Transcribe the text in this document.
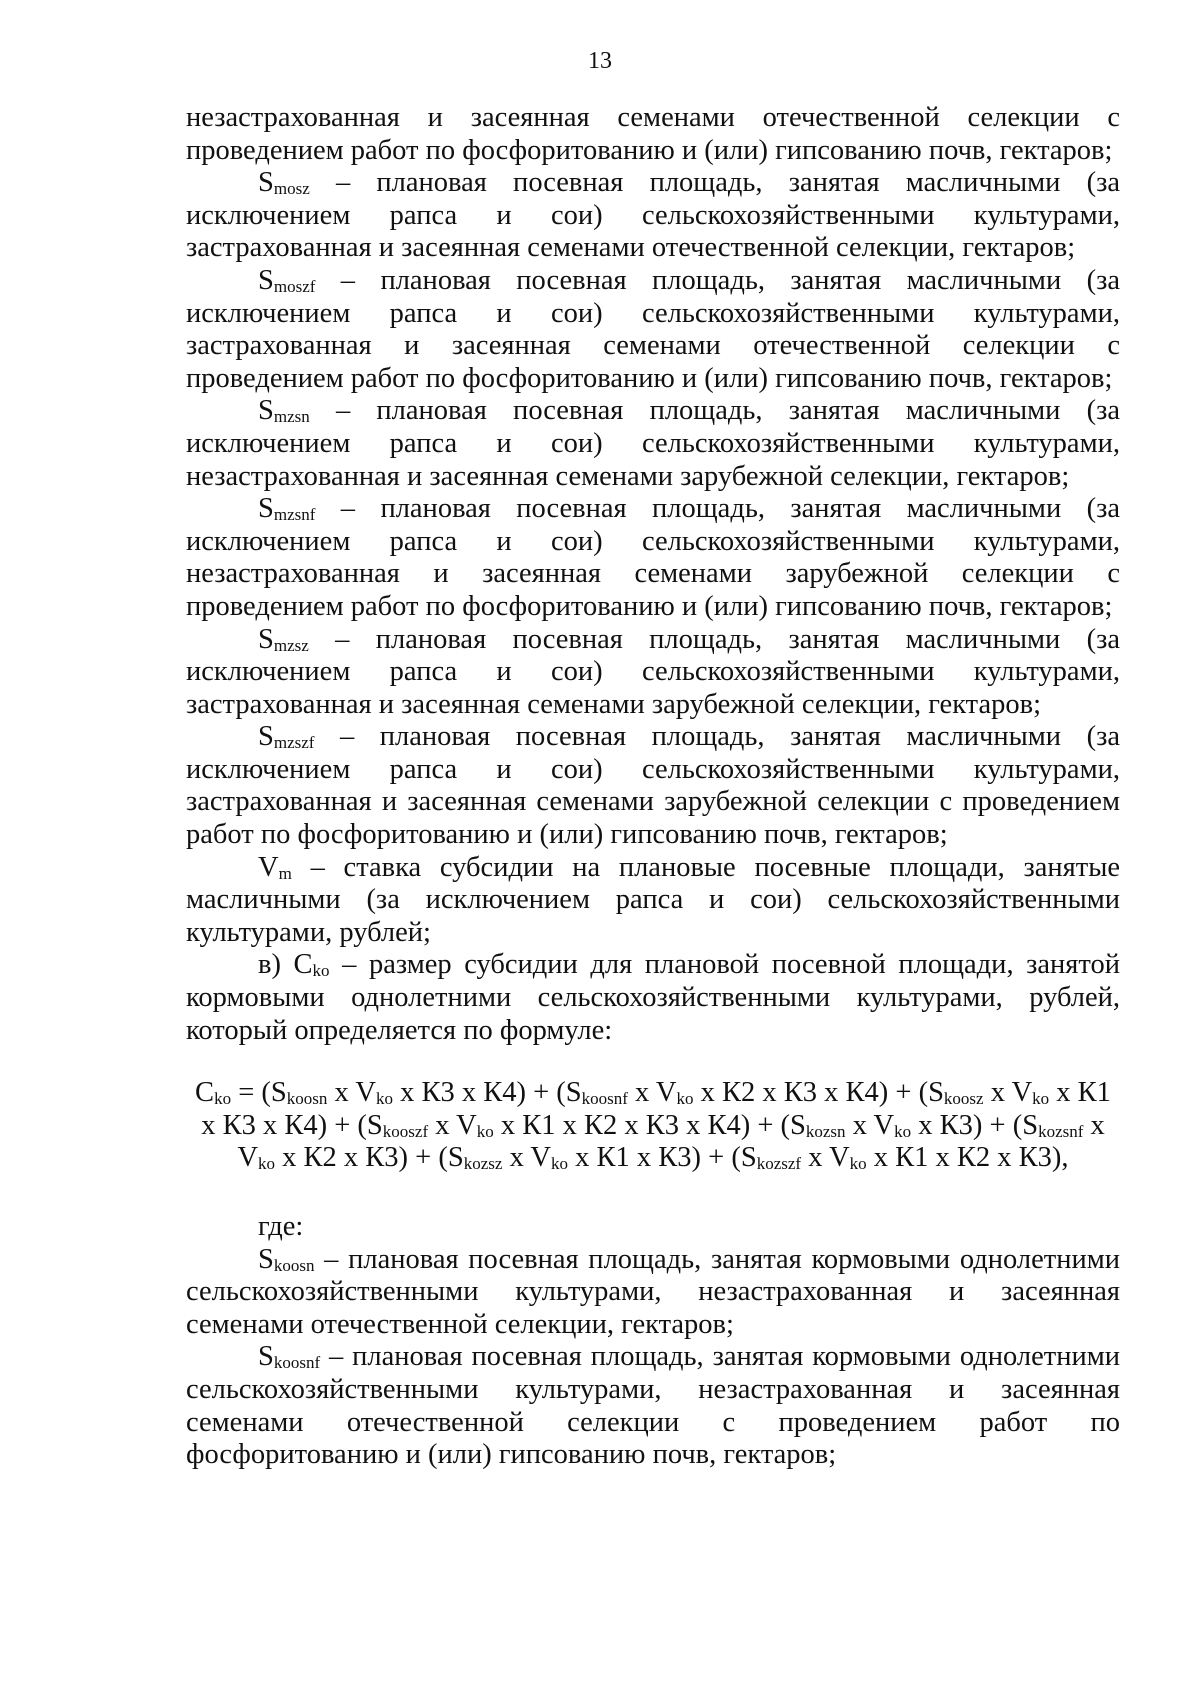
13

незастрахованная и засеянная семенами отечественной селекции с проведением работ по фосфоритованию и (или) гипсованию почв, гектаров;

$S_{mosz}$ – плановая посевная площадь, занятая масличными (за исключением рапса и сои) сельскохозяйственными культурами, застрахованная и засеянная семенами отечественной селекции, гектаров;

$S_{moszf}$ – плановая посевная площадь, занятая масличными (за исключением рапса и сои) сельскохозяйственными культурами, застрахованная и засеянная семенами отечественной селекции с проведением работ по фосфоритованию и (или) гипсованию почв, гектаров;

$S_{mzsn}$ – плановая посевная площадь, занятая масличными (за исключением рапса и сои) сельскохозяйственными культурами, незастрахованная и засеянная семенами зарубежной селекции, гектаров;

$S_{mzsnf}$ – плановая посевная площадь, занятая масличными (за исключением рапса и сои) сельскохозяйственными культурами, незастрахованная и засеянная семенами зарубежной селекции с проведением работ по фосфоритованию и (или) гипсованию почв, гектаров;

$S_{mzsz}$ – плановая посевная площадь, занятая масличными (за исключением рапса и сои) сельскохозяйственными культурами, застрахованная и засеянная семенами зарубежной селекции, гектаров;

$S_{mzszf}$ – плановая посевная площадь, занятая масличными (за исключением рапса и сои) сельскохозяйственными культурами, застрахованная и засеянная семенами зарубежной селекции с проведением работ по фосфоритованию и (или) гипсованию почв, гектаров;

$V_m$ – ставка субсидии на плановые посевные площади, занятые масличными (за исключением рапса и сои) сельскохозяйственными культурами, рублей;

в) $C_{ko}$ – размер субсидии для плановой посевной площади, занятой кормовыми однолетними сельскохозяйственными культурами, рублей, который определяется по формуле:

$C_{ko} = (S_{koosn}$ x $V_{ko}$ x К3 x $К4) + (S_{koosnf}$ x $V_{ko}$ x К2 x К3 x $К4) + (S_{koosz}$ x $V_{ko}$ x К1 x К3 x $К4) + (S_{kooszf}$ x $V_{ko}$ x К1 x К2 x К3 x $К4) + (S_{kozsn}$ x $V_{ko}$ x $К3) + (S_{kozsnf}$ x $V_{ko}$ x К2 x $К3) + (S_{kozsz}$ x $V_{ko}$ x К1 x $К3) + (S_{kozszf}$ x $V_{ko}$ x К1 x К2 x К3),

где:

$S_{koosn}$ – плановая посевная площадь, занятая кормовыми однолетними сельскохозяйственными культурами, незастрахованная и засеянная семенами отечественной селекции, гектаров;

$S_{koosnf}$ – плановая посевная площадь, занятая кормовыми однолетними сельскохозяйственными культурами, незастрахованная и засеянная семенами отечественной селекции с проведением работ по фосфоритованию и (или) гипсованию почв, гектаров;
